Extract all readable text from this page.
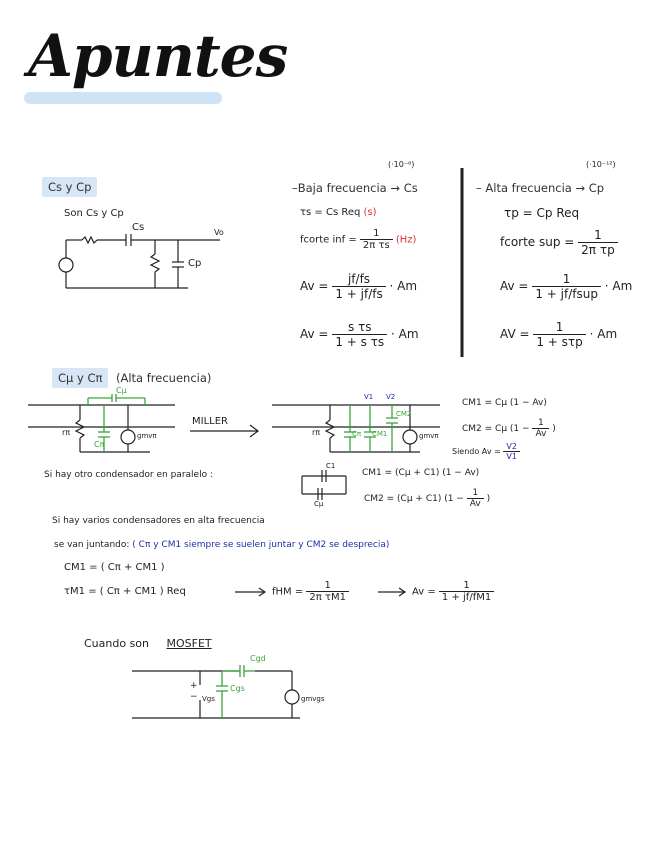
Apuntes
Cs y Cp
Son Cs y Cp
Cs
Cp
Vo
(·10⁻⁶)
–Baja frecuencia → Cs
τs = Cs Req (s)
fcorte inf = $\frac{1}{\text{2π τs}} (Hz)$
$Av = \frac{jf/fs}{1 + jf/fs} \cdot Am$
$Av = \frac{\text{s τs}}{\text{1 + s τs}} \cdot Am$
(·10⁻¹²)
– Alta frecuencia → Cp
τp = Cp Req
fcorte sup = $\frac{1}{\text{2π τp}}$
$Av = \frac{1}{\text{1 + jf/fsup}} \cdot Am$
AV = $\frac{1}{\text{1 + sτp}} \cdot Am$
Cμ y Cπ	(Alta frecuencia)
Cμ
rπ
Cπ
gmvπ
MILLER
rπ	Cπ CM1
CM2
V1 V2
gmvπ
CM1 = Cμ (1 − Av)
CM2 = Cμ ($1 - \frac{1}{Av}$ )
Siendo $Av = \frac{V2}{V1}$
Si hay otro condensador en paralelo :
C1
Cμ
CM1 = (Cμ + C1) (1 − Av)
CM2 = (Cμ + C1) ($1 - \frac{1}{Av}$ )
Si hay varios condensadores en alta frecuencia
se van juntando: ( Cπ y CM1 siempre se suelen juntar y CM2 se desprecia)
CM1 = ( Cπ + CM1 )
τM1 = ( Cπ + CM1 ) Req	fHM = $\frac{1}{\text{2π τM1}}$	$Av = \frac{1}{1 + jf/fM1}$
Cuando son MOSFET
Cgd
Cgs
+
− Vgs	gmvgs
